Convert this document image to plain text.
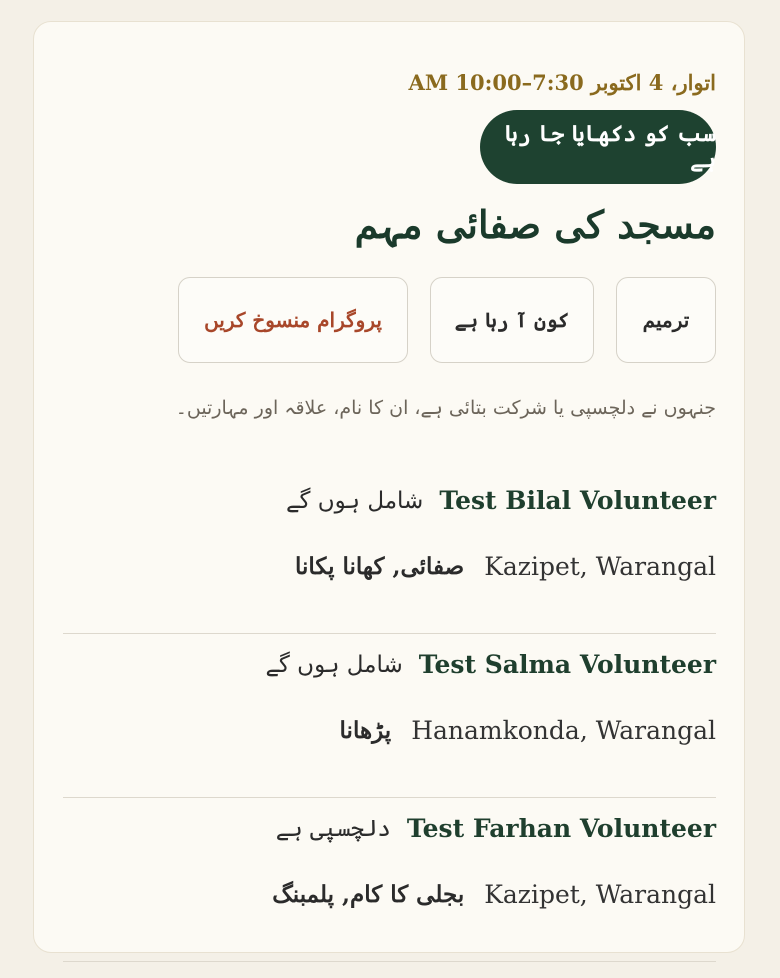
اتوار، 4 اکتوبر 7:30–10:00 AM
سب کو دکھایا جا رہا ہے
مسجد کی صفائی مہم
ترمیم
کون آ رہا ہے
پروگرام منسوخ کریں
جنہوں نے دلچسپی یا شرکت بتائی ہے، ان کا نام، علاقہ اور مہارتیں۔
Test Bilal Volunteer
شامل ہوں گے
Kazipet, Warangal
صفائی, کھانا پکانا
Test Salma Volunteer
شامل ہوں گے
Hanamkonda, Warangal
پڑھانا
Test Farhan Volunteer
دلچسپی ہے
Kazipet, Warangal
بجلی کا کام, پلمبنگ
